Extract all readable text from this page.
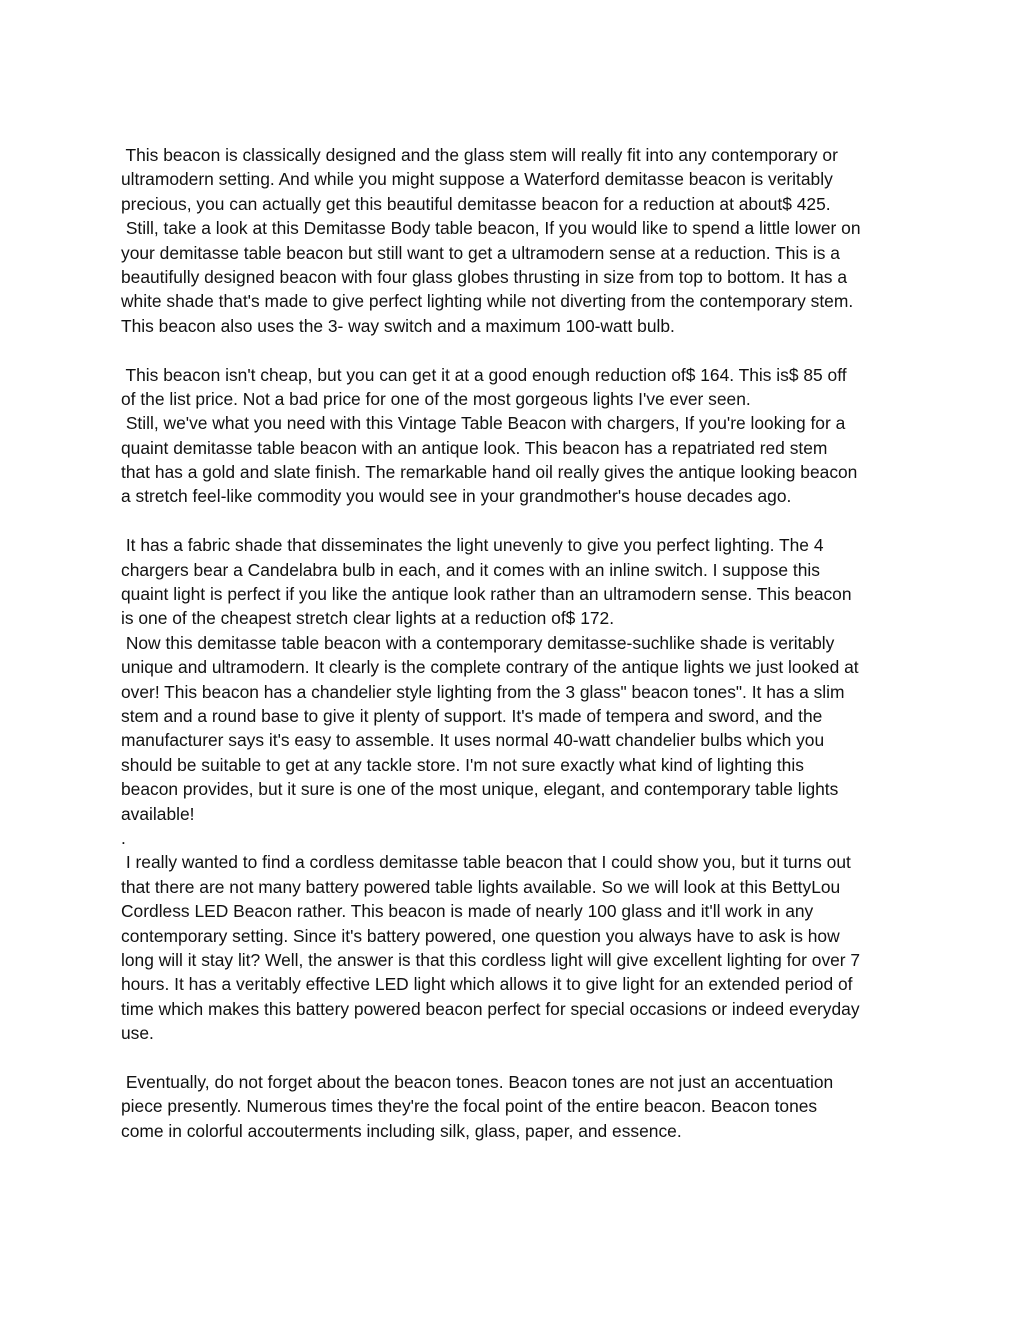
This beacon is classically designed and the glass stem will really fit into any contemporary or
ultramodern setting. And while you might suppose a Waterford demitasse beacon is veritably
precious, you can actually get this beautiful demitasse beacon for a reduction at about$ 425.
Still, take a look at this Demitasse Body table beacon, If you would like to spend a little lower on
your demitasse table beacon but still want to get a ultramodern sense at a reduction. This is a
beautifully designed beacon with four glass globes thrusting in size from top to bottom. It has a
white shade that's made to give perfect lighting while not diverting from the contemporary stem.
This beacon also uses the 3- way switch and a maximum 100-watt bulb.
This beacon isn't cheap, but you can get it at a good enough reduction of$ 164. This is$ 85 off
of the list price. Not a bad price for one of the most gorgeous lights I've ever seen.
Still, we've what you need with this Vintage Table Beacon with chargers, If you're looking for a
quaint demitasse table beacon with an antique look. This beacon has a repatriated red stem
that has a gold and slate finish. The remarkable hand oil really gives the antique looking beacon
a stretch feel-like commodity you would see in your grandmother's house decades ago.
It has a fabric shade that disseminates the light unevenly to give you perfect lighting. The 4
chargers bear a Candelabra bulb in each, and it comes with an inline switch. I suppose this
quaint light is perfect if you like the antique look rather than an ultramodern sense. This beacon
is one of the cheapest stretch clear lights at a reduction of$ 172.
Now this demitasse table beacon with a contemporary demitasse-suchlike shade is veritably
unique and ultramodern. It clearly is the complete contrary of the antique lights we just looked at
over! This beacon has a chandelier style lighting from the 3 glass" beacon tones". It has a slim
stem and a round base to give it plenty of support. It's made of tempera and sword, and the
manufacturer says it's easy to assemble. It uses normal 40-watt chandelier bulbs which you
should be suitable to get at any tackle store. I'm not sure exactly what kind of lighting this
beacon provides, but it sure is one of the most unique, elegant, and contemporary table lights
available!
.
I really wanted to find a cordless demitasse table beacon that I could show you, but it turns out
that there are not many battery powered table lights available. So we will look at this BettyLou
Cordless LED Beacon rather. This beacon is made of nearly 100 glass and it'll work in any
contemporary setting. Since it's battery powered, one question you always have to ask is how
long will it stay lit? Well, the answer is that this cordless light will give excellent lighting for over 7
hours. It has a veritably effective LED light which allows it to give light for an extended period of
time which makes this battery powered beacon perfect for special occasions or indeed everyday
use.
Eventually, do not forget about the beacon tones. Beacon tones are not just an accentuation
piece presently. Numerous times they're the focal point of the entire beacon. Beacon tones
come in colorful accouterments including silk, glass, paper, and essence.
